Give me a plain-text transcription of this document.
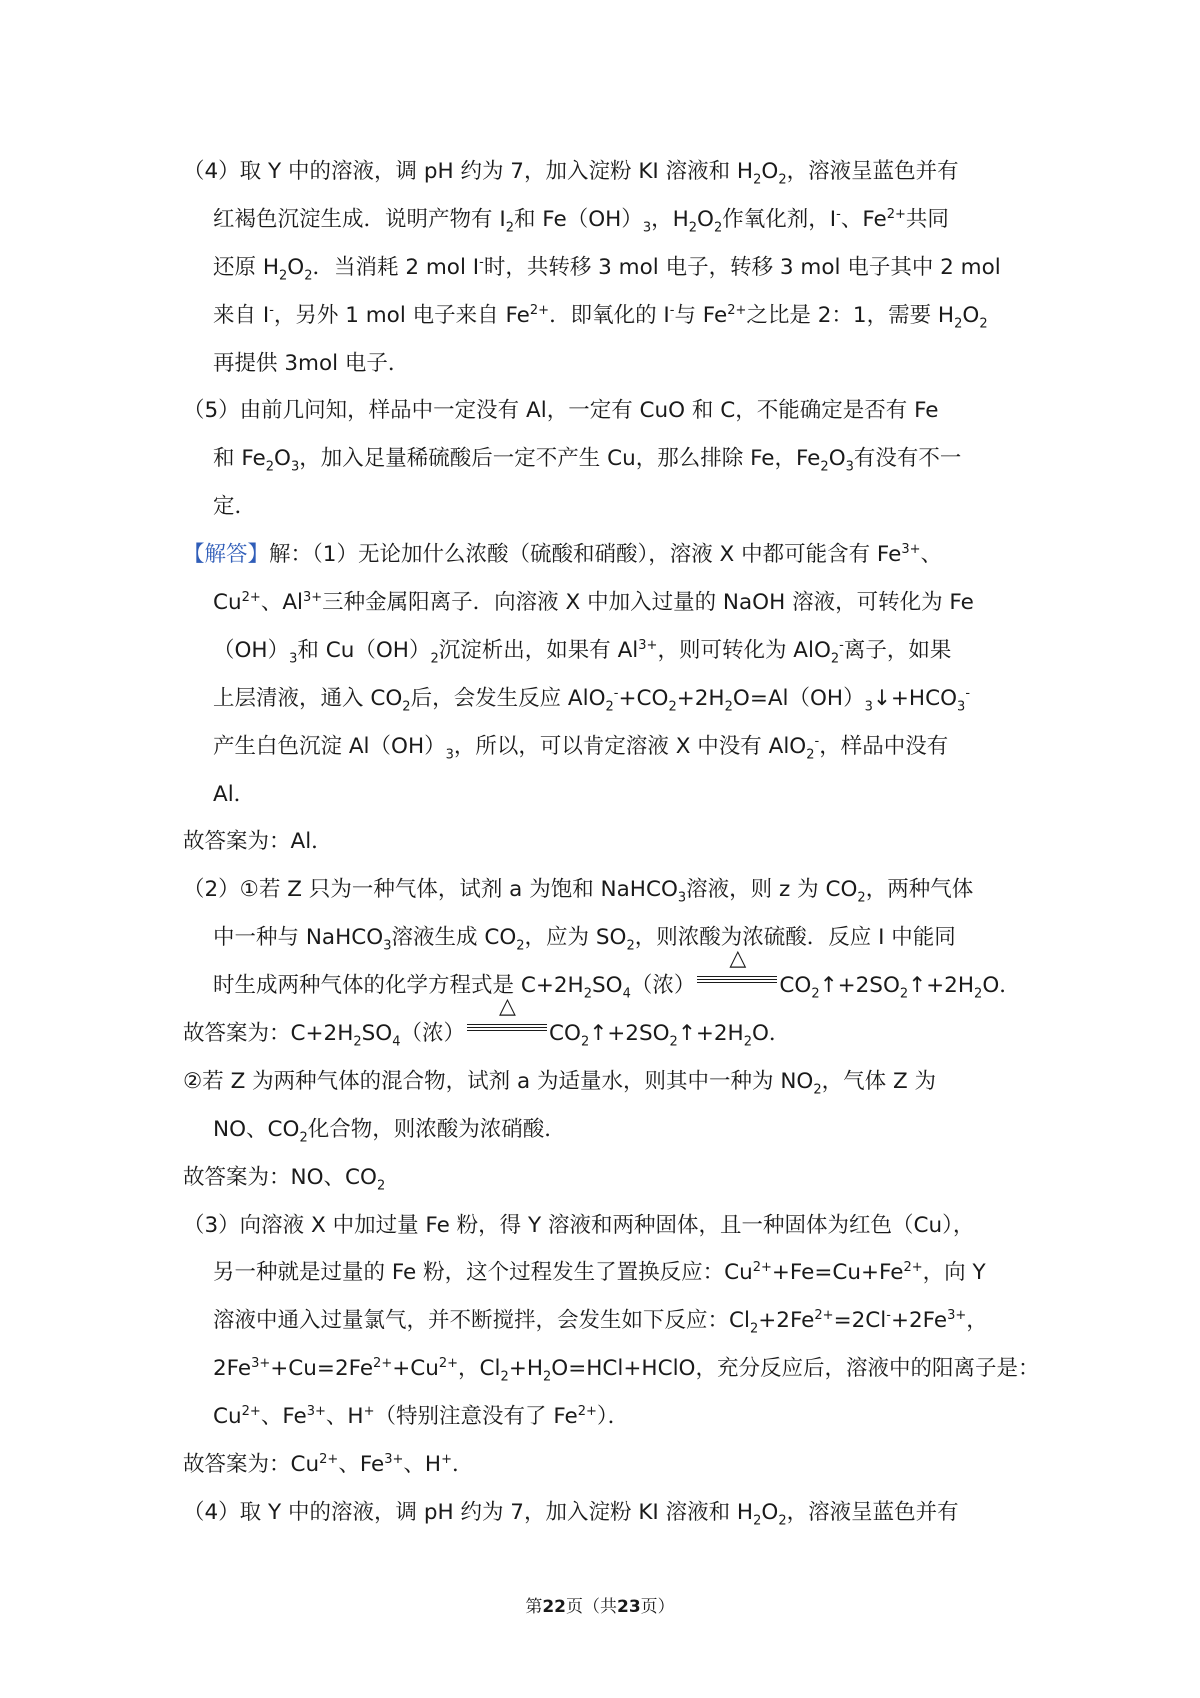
（4）取 Y 中的溶液，调 pH 约为 7，加入淀粉 KI 溶液和 $H_2O_2$，溶液呈蓝色并有
红褐色沉淀生成．说明产物有 $I_2$和 $Fe(OH)_3$，$H_2O_2$作氧化剂，I-、$Fe^{2+}$共同
还原 $H_2O_2$．当消耗 2 mol I-时，共转移 3 mol 电子，转移 3 mol 电子其中 2 mol
来自 I-，另外 1 mol 电子来自 $Fe^{2+}$．即氧化的 I-与 $Fe^{2+}$之比是 2：1，需要 $H_2O_2$
再提供 3mol 电子．
（5）由前几问知，样品中一定没有 Al，一定有 CuO 和 C，不能确定是否有 Fe
和 $Fe_2O_3$，加入足量稀硫酸后一定不产生 Cu，那么排除 Fe，$Fe_2O_3$有没有不一
定．
【解答】解：（1）无论加什么浓酸（硫酸和硝酸），溶液 X 中都可能含有 $Fe^{3+}$、
$Cu^{2+}$、$Al^{3+}$三种金属阳离子．向溶液 X 中加入过量的 NaOH 溶液，可转化为 Fe
$(OH)_3$和 $Cu(OH)_2$沉淀析出，如果有 $Al^{3+}$，则可转化为 AlO$_2$-离子，如果
上层清液，通入 $CO_2$后，会发生反应 $AlO_2^-+CO_2+2H_2O=Al(OH)_3↓+HCO_3^-$
产生白色沉淀 $Al(OH)_3$，所以，可以肯定溶液 X 中没有 AlO$_2$-，样品中没有
Al．
故答案为：Al．
（2）①若 Z 只为一种气体，试剂 a 为饱和 NaHCO$_3$溶液，则 z 为 $CO_2$，两种气体
中一种与 NaHCO$_3$溶液生成 $CO_2$，应为 $SO_2$，则浓酸为浓硫酸．反应 I 中能同
时生成两种气体的化学方程式是 $C+2H_2SO_4$（浓）
△
$CO_2↑+2SO_2↑+2H_2O$．
故答案为：$C+2H_2SO_4$（浓）
△
$CO_2↑+2SO_2↑+2H_2O$．
②若 Z 为两种气体的混合物，试剂 a 为适量水，则其中一种为 $NO_2$，气体 Z 为
NO、$CO_2$化合物，则浓酸为浓硝酸．
故答案为：NO、$CO_2$
（3）向溶液 X 中加过量 Fe 粉，得 Y 溶液和两种固体，且一种固体为红色（Cu），
另一种就是过量的 Fe 粉，这个过程发生了置换反应：$Cu^{2+}+Fe=Cu+Fe^{2+}$，向 Y
溶液中通入过量氯气，并不断搅拌，会发生如下反应：$Cl_2+2Fe^{2+}=2Cl^-+2Fe^{3+}$，
$2Fe^{3+}+Cu=2Fe^{2+}+Cu^{2+}$，$Cl_2+H_2O=HCl+HClO$，充分反应后，溶液中的阳离子是：
$Cu^{2+}$、$Fe^{3+}$、H+（特别注意没有了 $Fe^{2+}$）．
故答案为：$Cu^{2+}$、$Fe^{3+}$、H+．
（4）取 Y 中的溶液，调 pH 约为 7，加入淀粉 KI 溶液和 $H_2O_2$，溶液呈蓝色并有
第22页（共23页）
